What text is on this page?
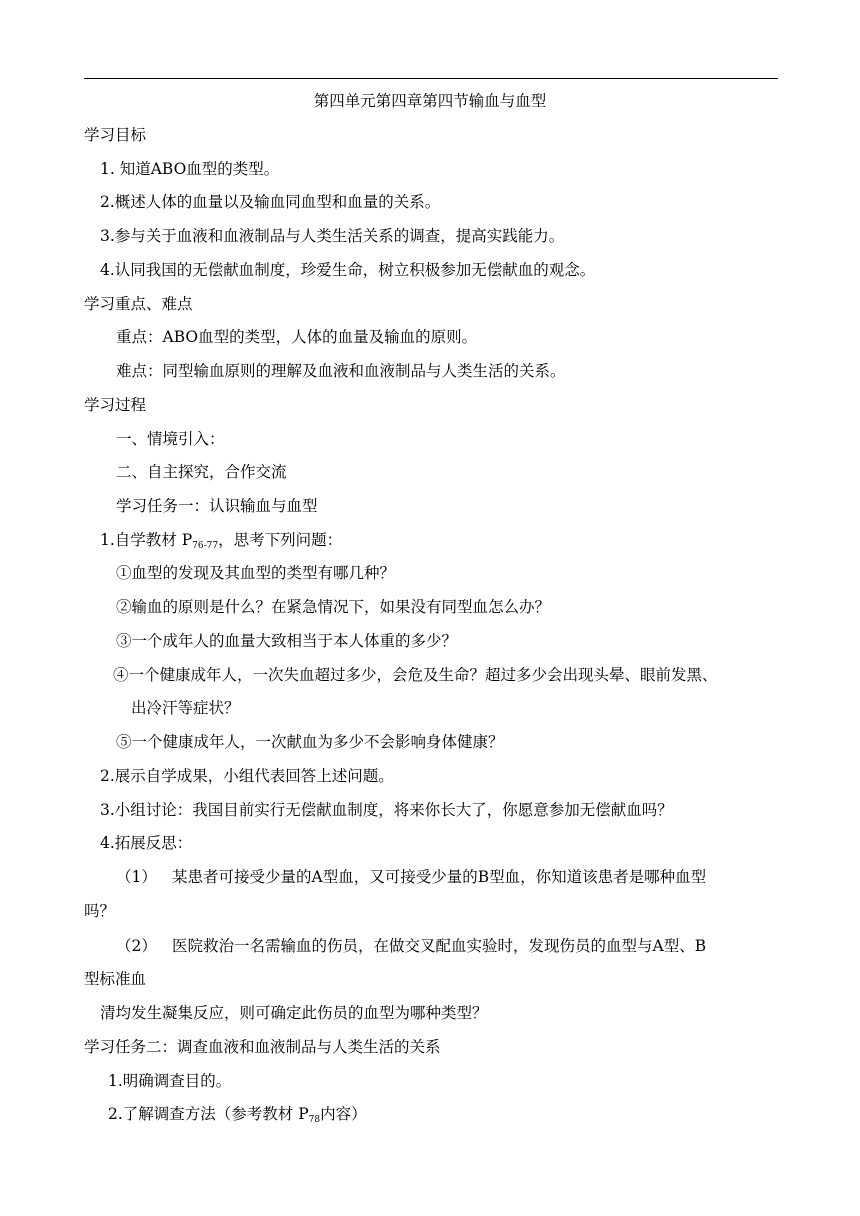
第四单元第四章第四节输血与血型
学习目标
1. 知道ABO血型的类型。
2.概述人体的血量以及输血同血型和血量的关系。
3.参与关于血液和血液制品与人类生活关系的调查，提高实践能力。
4.认同我国的无偿献血制度，珍爱生命，树立积极参加无偿献血的观念。
学习重点、难点
重点：ABO血型的类型，人体的血量及输血的原则。
难点：同型输血原则的理解及血液和血液制品与人类生活的关系。
学习过程
一、情境引入：
二、自主探究，合作交流
学习任务一：认识输血与血型
1.自学教材 $P_{76-77}$，思考下列问题：
①血型的发现及其血型的类型有哪几种？
②输血的原则是什么？在紧急情况下，如果没有同型血怎么办？
③一个成年人的血量大致相当于本人体重的多少？
④一个健康成年人，一次失血超过多少，会危及生命？超过多少会出现头晕、眼前发黑、
出冷汗等症状？
⑤一个健康成年人，一次献血为多少不会影响身体健康？
2.展示自学成果，小组代表回答上述问题。
3.小组讨论：我国目前实行无偿献血制度，将来你长大了，你愿意参加无偿献血吗？
4.拓展反思：
（1） 某患者可接受少量的A型血，又可接受少量的B型血，你知道该患者是哪种血型
吗？
（2） 医院救治一名需输血的伤员，在做交叉配血实验时，发现伤员的血型与A型、B
型标准血
清均发生凝集反应，则可确定此伤员的血型为哪种类型？
学习任务二：调查血液和血液制品与人类生活的关系
1.明确调查目的。
2.了解调查方法（参考教材 $P_{78}$内容）
